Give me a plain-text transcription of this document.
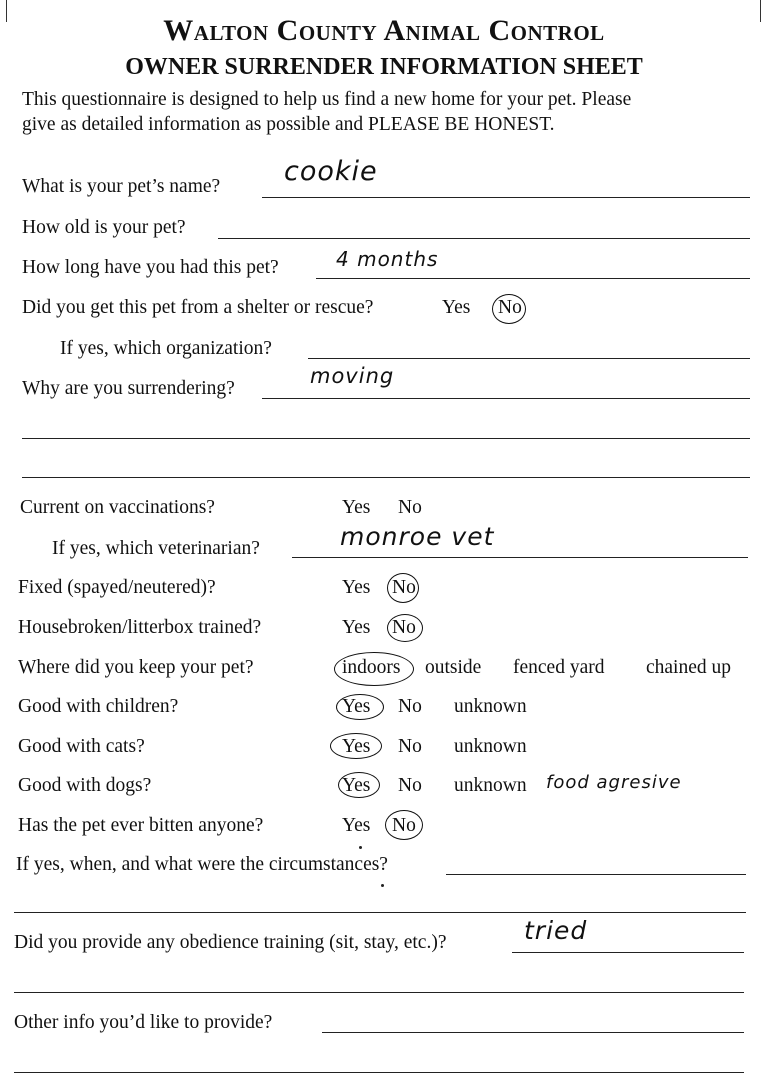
Walton County Animal Control
OWNER SURRENDER INFORMATION SHEET
This questionnaire is designed to help us find a new home for your pet. Please
give as detailed information as possible and PLEASE BE HONEST.
What is your pet’s name? cookie
How old is your pet?
How long have you had this pet?	4 months
Did you get this pet from a shelter or rescue?	Yes No
If yes, which organization?
Why are you surrendering?
moving
Current on vaccinations?	Yes No
If yes, which veterinarian?	monroe vet
Fixed (spayed/neutered)?	Yes No
Housebroken/litterbox trained?	Yes No
Where did you keep your pet?	indoors outside fenced yard chained up
Good with children?	Yes No unknown
Good with cats?	Yes No unknown
Good with dogs?	Yes No unknown food agresive
Has the pet ever bitten anyone?	Yes No
If yes, when, and what were the circumstances?
Did you provide any obedience training (sit, stay, etc.)?	tried
Other info you’d like to provide?
